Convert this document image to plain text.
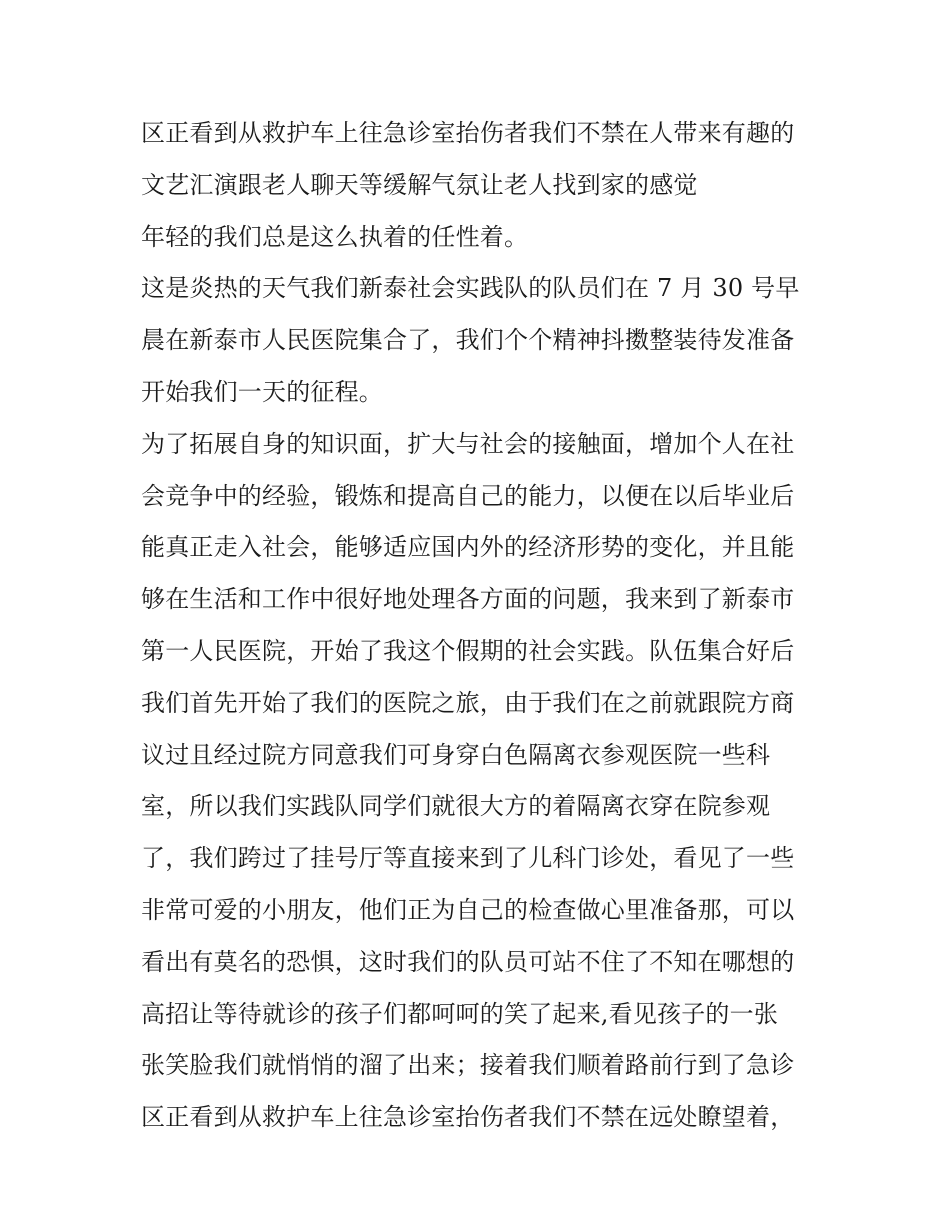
区正看到从救护车上往急诊室抬伤者我们不禁在人带来有趣的
文艺汇演跟老人聊天等缓解气氛让老人找到家的感觉
年轻的我们总是这么执着的任性着。
这是炎热的天气我们新泰社会实践队的队员们在 7 月 30 号早
晨在新泰市人民医院集合了，我们个个精神抖擞整装待发准备
开始我们一天的征程。
为了拓展自身的知识面，扩大与社会的接触面，增加个人在社
会竞争中的经验，锻炼和提高自己的能力，以便在以后毕业后
能真正走入社会，能够适应国内外的经济形势的变化，并且能
够在生活和工作中很好地处理各方面的问题，我来到了新泰市
第一人民医院，开始了我这个假期的社会实践。队伍集合好后
我们首先开始了我们的医院之旅，由于我们在之前就跟院方商
议过且经过院方同意我们可身穿白色隔离衣参观医院一些科
室，所以我们实践队同学们就很大方的着隔离衣穿在院参观
了，我们跨过了挂号厅等直接来到了儿科门诊处，看见了一些
非常可爱的小朋友，他们正为自己的检查做心里准备那，可以
看出有莫名的恐惧，这时我们的队员可站不住了不知在哪想的
高招让等待就诊的孩子们都呵呵的笑了起来,看见孩子的一张
张笑脸我们就悄悄的溜了出来；接着我们顺着路前行到了急诊
区正看到从救护车上往急诊室抬伤者我们不禁在远处瞭望着，
